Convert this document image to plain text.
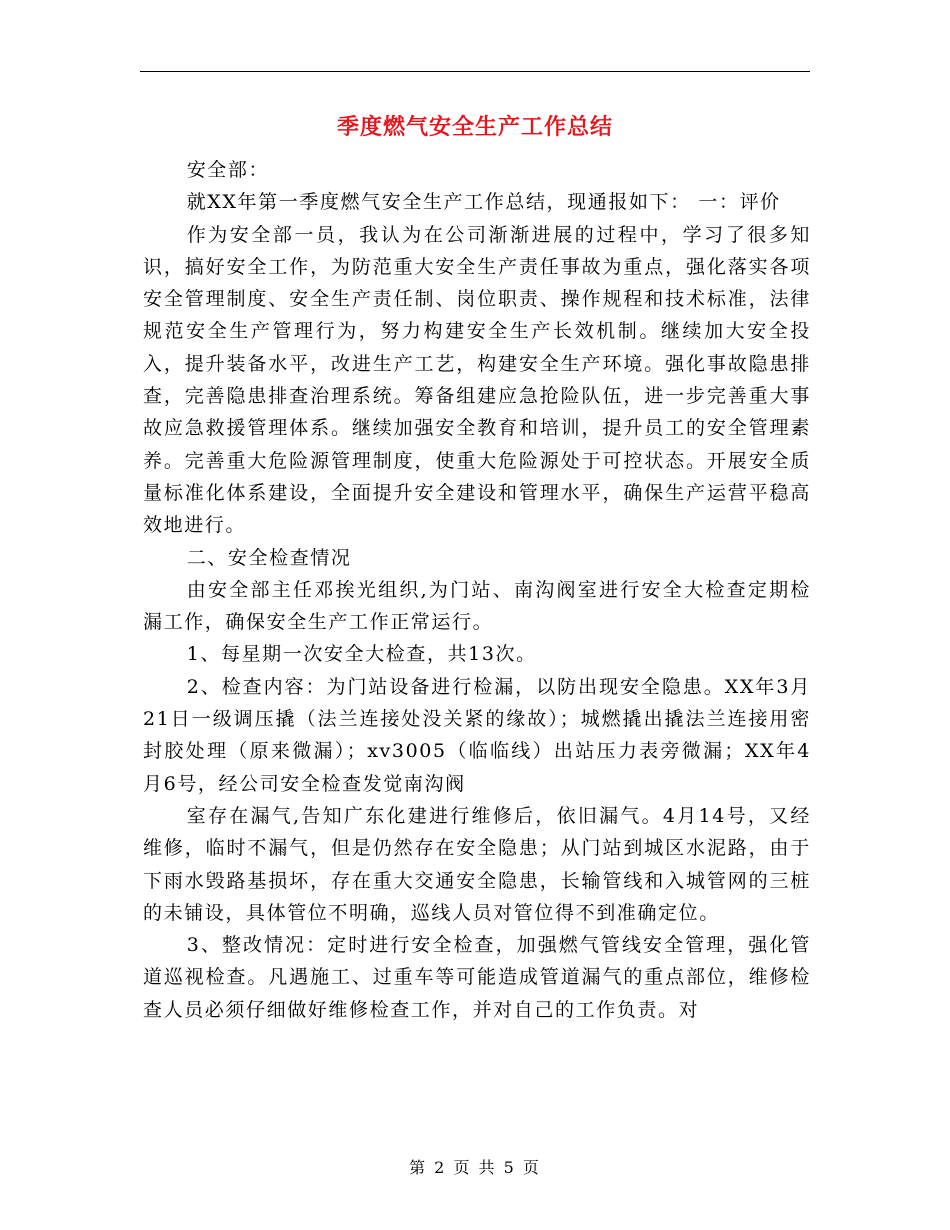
季度燃气安全生产工作总结

安全部：

就XX年第一季度燃气安全生产工作总结，现通报如下： 一：评价

作为安全部一员，我认为在公司渐渐进展的过程中，学习了很多知识，搞好安全工作，为防范重大安全生产责任事故为重点，强化落实各项安全管理制度、安全生产责任制、岗位职责、操作规程和技术标准，法律规范安全生产管理行为，努力构建安全生产长效机制。继续加大安全投入，提升装备水平，改进生产工艺，构建安全生产环境。强化事故隐患排查，完善隐患排查治理系统。筹备组建应急抢险队伍，进一步完善重大事故应急救援管理体系。继续加强安全教育和培训，提升员工的安全管理素养。完善重大危险源管理制度，使重大危险源处于可控状态。开展安全质量标准化体系建设，全面提升安全建设和管理水平，确保生产运营平稳高效地进行。

二、安全检查情况

由安全部主任邓挨光组织,为门站、南沟阀室进行安全大检查定期检漏工作，确保安全生产工作正常运行。

1、每星期一次安全大检查，共13次。

2、检查内容：为门站设备进行检漏，以防出现安全隐患。XX年3月21日一级调压撬（法兰连接处没关紧的缘故）；城燃撬出撬法兰连接用密封胶处理（原来微漏）；xv3005（临临线）出站压力表旁微漏；XX年4月6号，经公司安全检查发觉南沟阀

室存在漏气,告知广东化建进行维修后，依旧漏气。4月14号，又经维修，临时不漏气，但是仍然存在安全隐患；从门站到城区水泥路，由于下雨水毁路基损坏，存在重大交通安全隐患，长输管线和入城管网的三桩的未铺设，具体管位不明确，巡线人员对管位得不到准确定位。

3、整改情况：定时进行安全检查，加强燃气管线安全管理，强化管道巡视检查。凡遇施工、过重车等可能造成管道漏气的重点部位，维修检查人员必须仔细做好维修检查工作，并对自己的工作负责。对

第 2 页 共 5 页
